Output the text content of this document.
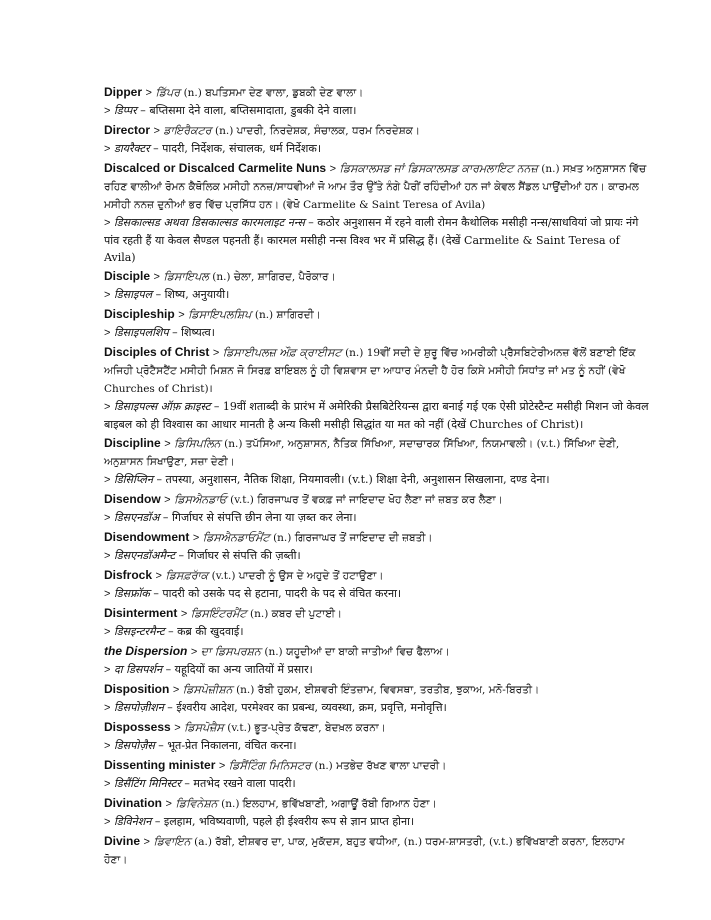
Dipper > ਡਿੱਪਰ (n.) ਬਪਤਿਸਮਾ ਦੇਣ ਵਾਲਾ, ਡੁਬਕੀ ਦੇਣ ਵਾਲਾ।

> डिप्पर – बप्तिसमा देने वाला, बप्तिसमादाता, डुबकी देने वाला।

Director > ਡਾਇਰੈਕਟਰ (n.) ਪਾਦਰੀ, ਨਿਰਦੇਸ਼ਕ, ਸੰਚਾਲਕ, ਧਰਮ ਨਿਰਦੇਸ਼ਕ।

> डायरैक्टर – पादरी, निर्देशक, संचालक, धर्म निर्देशक।

Discalced or Discalced Carmelite Nuns > ਡਿਸਕਾਲਸਡ ਜਾਂ ਡਿਸਕਾਲਸਡ ਕਾਰਮਲਾਇਟ ਨਨਜ਼ (n.) ਸਖ਼ਤ ਅਨੁਸ਼ਾਸਨ ਵਿੱਚ ਰਹਿਣ ਵਾਲੀਆਂ ਰੋਮਨ ਕੈਥੋਲਿਕ ਮਸੀਹੀ ਨਨਜ਼/ਸਾਧਵੀਆਂ ਜੋ ਆਮ ਤੌਰ ਉੱਤੇ ਨੰਗੇ ਪੈਰੀਂ ਰਹਿੰਦੀਆਂ ਹਨ ਜਾਂ ਕੇਵਲ ਸੈਂਡਲ ਪਾਉਂਦੀਆਂ ਹਨ। ਕਾਰਮਲ ਮਸੀਹੀ ਨਨਜ਼ ਦੁਨੀਆਂ ਭਰ ਵਿੱਚ ਪ੍ਰਸਿੱਧ ਹਨ। (ਵੇਖੋ Carmelite & Saint Teresa of Avila)

> डिसकाल्सड अथवा डिसकाल्सड कारमलाइट नन्स – कठोर अनुशासन में रहने वाली रोमन कैथोलिक मसीही नन्स/साधवियां जो प्रायः नंगे पांव रहती हैं या केवल सैण्डल पहनती हैं। कारमल मसीही नन्स विश्व भर में प्रसिद्ध हैं। (देखें Carmelite & Saint Teresa of Avila)

Disciple > ਡਿਸਾਇਪਲ (n.) ਚੇਲਾ, ਸ਼ਾਗਿਰਦ, ਪੈਰੋਕਾਰ।

> डिसाइपल – शिष्य, अनुयायी।

Discipleship > ਡਿਸਾਇਪਲਸ਼ਿਪ (n.) ਸ਼ਾਗਿਰਦੀ।

> डिसाइपलशिप – शिष्यत्व।

Disciples of Christ > ਡਿਸਾਈਪਲਜ਼ ਔਫ਼ ਕ੍ਰਾਈਸਟ (n.) 19ਵੀਂ ਸਦੀ ਦੇ ਸ਼ੁਰੂ ਵਿੱਚ ਅਮਰੀਕੀ ਪ੍ਰੈਸਬਿਟੇਰੀਅਨਜ਼ ਵੱਲੋਂ ਬਣਾਈ ਇੱਕ ਅਜਿਹੀ ਪ੍ਰੋਟੈਸਟੈਂਟ ਮਸੀਹੀ ਮਿਸ਼ਨ ਜੋ ਸਿਰਫ਼ ਬਾਇਬਲ ਨੂੰ ਹੀ ਵਿਸ਼ਵਾਸ ਦਾ ਆਧਾਰ ਮੰਨਦੀ ਹੈ ਹੋਰ ਕਿਸੇ ਮਸੀਹੀ ਸਿਧਾਂਤ ਜਾਂ ਮਤ ਨੂੰ ਨਹੀਂ (ਵੇਖੋ Churches of Christ)।

> डिसाइपल्स ऑफ़ क्राइस्ट – 19वीं शताब्दी के प्रारंभ में अमेरिकी प्रैसबिटेरियन्स द्वारा बनाई गई एक ऐसी प्रोटेस्टैन्ट मसीही मिशन जो केवल बाइबल को ही विश्वास का आधार मानती है अन्य किसी मसीही सिद्धांत या मत को नहीं (देखें Churches of Christ)।

Discipline > ਡਿਸਿਪਲਿਨ (n.) ਤਪੱਸਿਆ, ਅਨੁਸ਼ਾਸਨ, ਨੈਤਿਕ ਸਿੱਖਿਆ, ਸਦਾਚਾਰਕ ਸਿੱਖਿਆ, ਨਿਯਮਾਵਲੀ। (v.t.) ਸਿੱਖਿਆ ਦੇਣੀ, ਅਨੁਸ਼ਾਸਨ ਸਿਖਾਉਣਾ, ਸਜ਼ਾ ਦੇਣੀ।

> डिसिप्लिन – तपस्या, अनुशासन, नैतिक शिक्षा, नियमावली। (v.t.) शिक्षा देनी, अनुशासन सिखलाना, दण्ड देना।

Disendow > ਡਿਸਐਨਡਾਓ (v.t.) ਗਿਰਜਾਘਰ ਤੋਂ ਵਕਫ਼ ਜਾਂ ਜਾਇਦਾਦ ਖੋਹ ਲੈਣਾ ਜਾਂ ਜ਼ਬਤ ਕਰ ਲੈਣਾ।

> डिसएनडॉअ – गिर्जाघर से संपत्ति छीन लेना या ज़ब्त कर लेना।

Disendowment > ਡਿਸਐਨਡਾਓਮੈਂਟ (n.) ਗਿਰਜਾਘਰ ਤੋਂ ਜਾਇਦਾਦ ਦੀ ਜ਼ਬਤੀ।

> डिसएनडॉअमैन्ट – गिर्जाघर से संपत्ति की ज़ब्ती।

Disfrock > ਡਿਸਫ਼ਰਾੱਕ (v.t.) ਪਾਦਰੀ ਨੂੰ ਉਸ ਦੇ ਅਹੁਦੇ ਤੋਂ ਹਟਾਉਣਾ।

> डिसफ्रॉक – पादरी को उसके पद से हटाना, पादरी के पद से वंचित करना।

Disinterment > ਡਿਸਇੰਟਰਮੈਂਟ (n.) ਕਬਰ ਦੀ ਪੁਟਾਈ।

> डिसइन्टरमैन्ट – कब्र की खुदवाई।

the Dispersion > ਦਾ ਡਿਸਪਰਸ਼ਨ (n.) ਯਹੂਦੀਆਂ ਦਾ ਬਾਕੀ ਜਾਤੀਆਂ ਵਿਚ ਫੈਲਾਅ।

> दा डिसपर्शन – यहूदियों का अन्य जातियों में प्रसार।

Disposition > ਡਿਸਪੋਜ਼ੀਸ਼ਨ (n.) ਰੱਬੀ ਹੁਕਮ, ਈਸ਼ਵਰੀ ਇੰਤਜ਼ਾਮ, ਵਿਵਸਥਾ, ਤਰਤੀਬ, ਝੁਕਾਅ, ਮਨੋ-ਬਿਰਤੀ।

> डिसपोज़ीशन – ईश्वरीय आदेश, परमेश्वर का प्रबन्ध, व्यवस्था, क्रम, प्रवृत्ति, मनोवृत्ति।

Dispossess > ਡਿਸਪੋਜ਼ੈਸ (v.t.) ਭੂਤ-ਪ੍ਰੇਤ ਕੱਢਣਾ, ਬੇਦਖ਼ਲ ਕਰਨਾ।

> डिसपोज़ैस – भूत-प्रेत निकालना, वंचित करना।

Dissenting minister > ਡਿਸੈਂਟਿੰਗ ਮਿਨਿਸਟਰ (n.) ਮਤਭੇਦ ਰੱਖਣ ਵਾਲਾ ਪਾਦਰੀ।

> डिसैंटिंग मिनिस्टर – मतभेद रखने वाला पादरी।

Divination > ਡਿਵਿਨੇਸ਼ਨ (n.) ਇਲਹਾਮ, ਭਵਿੱਖਬਾਣੀ, ਅਗਾਊਂ ਰੱਬੀ ਗਿਆਨ ਹੋਣਾ।

> डिविनेशन – इलहाम, भविष्यवाणी, पहले ही ईश्वरीय रूप से ज्ञान प्राप्त होना।

Divine > ਡਿਵਾਇਨ (a.) ਰੱਬੀ, ਈਸ਼ਵਰ ਦਾ, ਪਾਕ, ਮੁਕੱਦਸ, ਬਹੁਤ ਵਧੀਆ, (n.) ਧਰਮ-ਸ਼ਾਸਤਰੀ, (v.t.) ਭਵਿੱਖਬਾਣੀ ਕਰਨਾ, ਇਲਹਾਮ ਹੋਣਾ।
